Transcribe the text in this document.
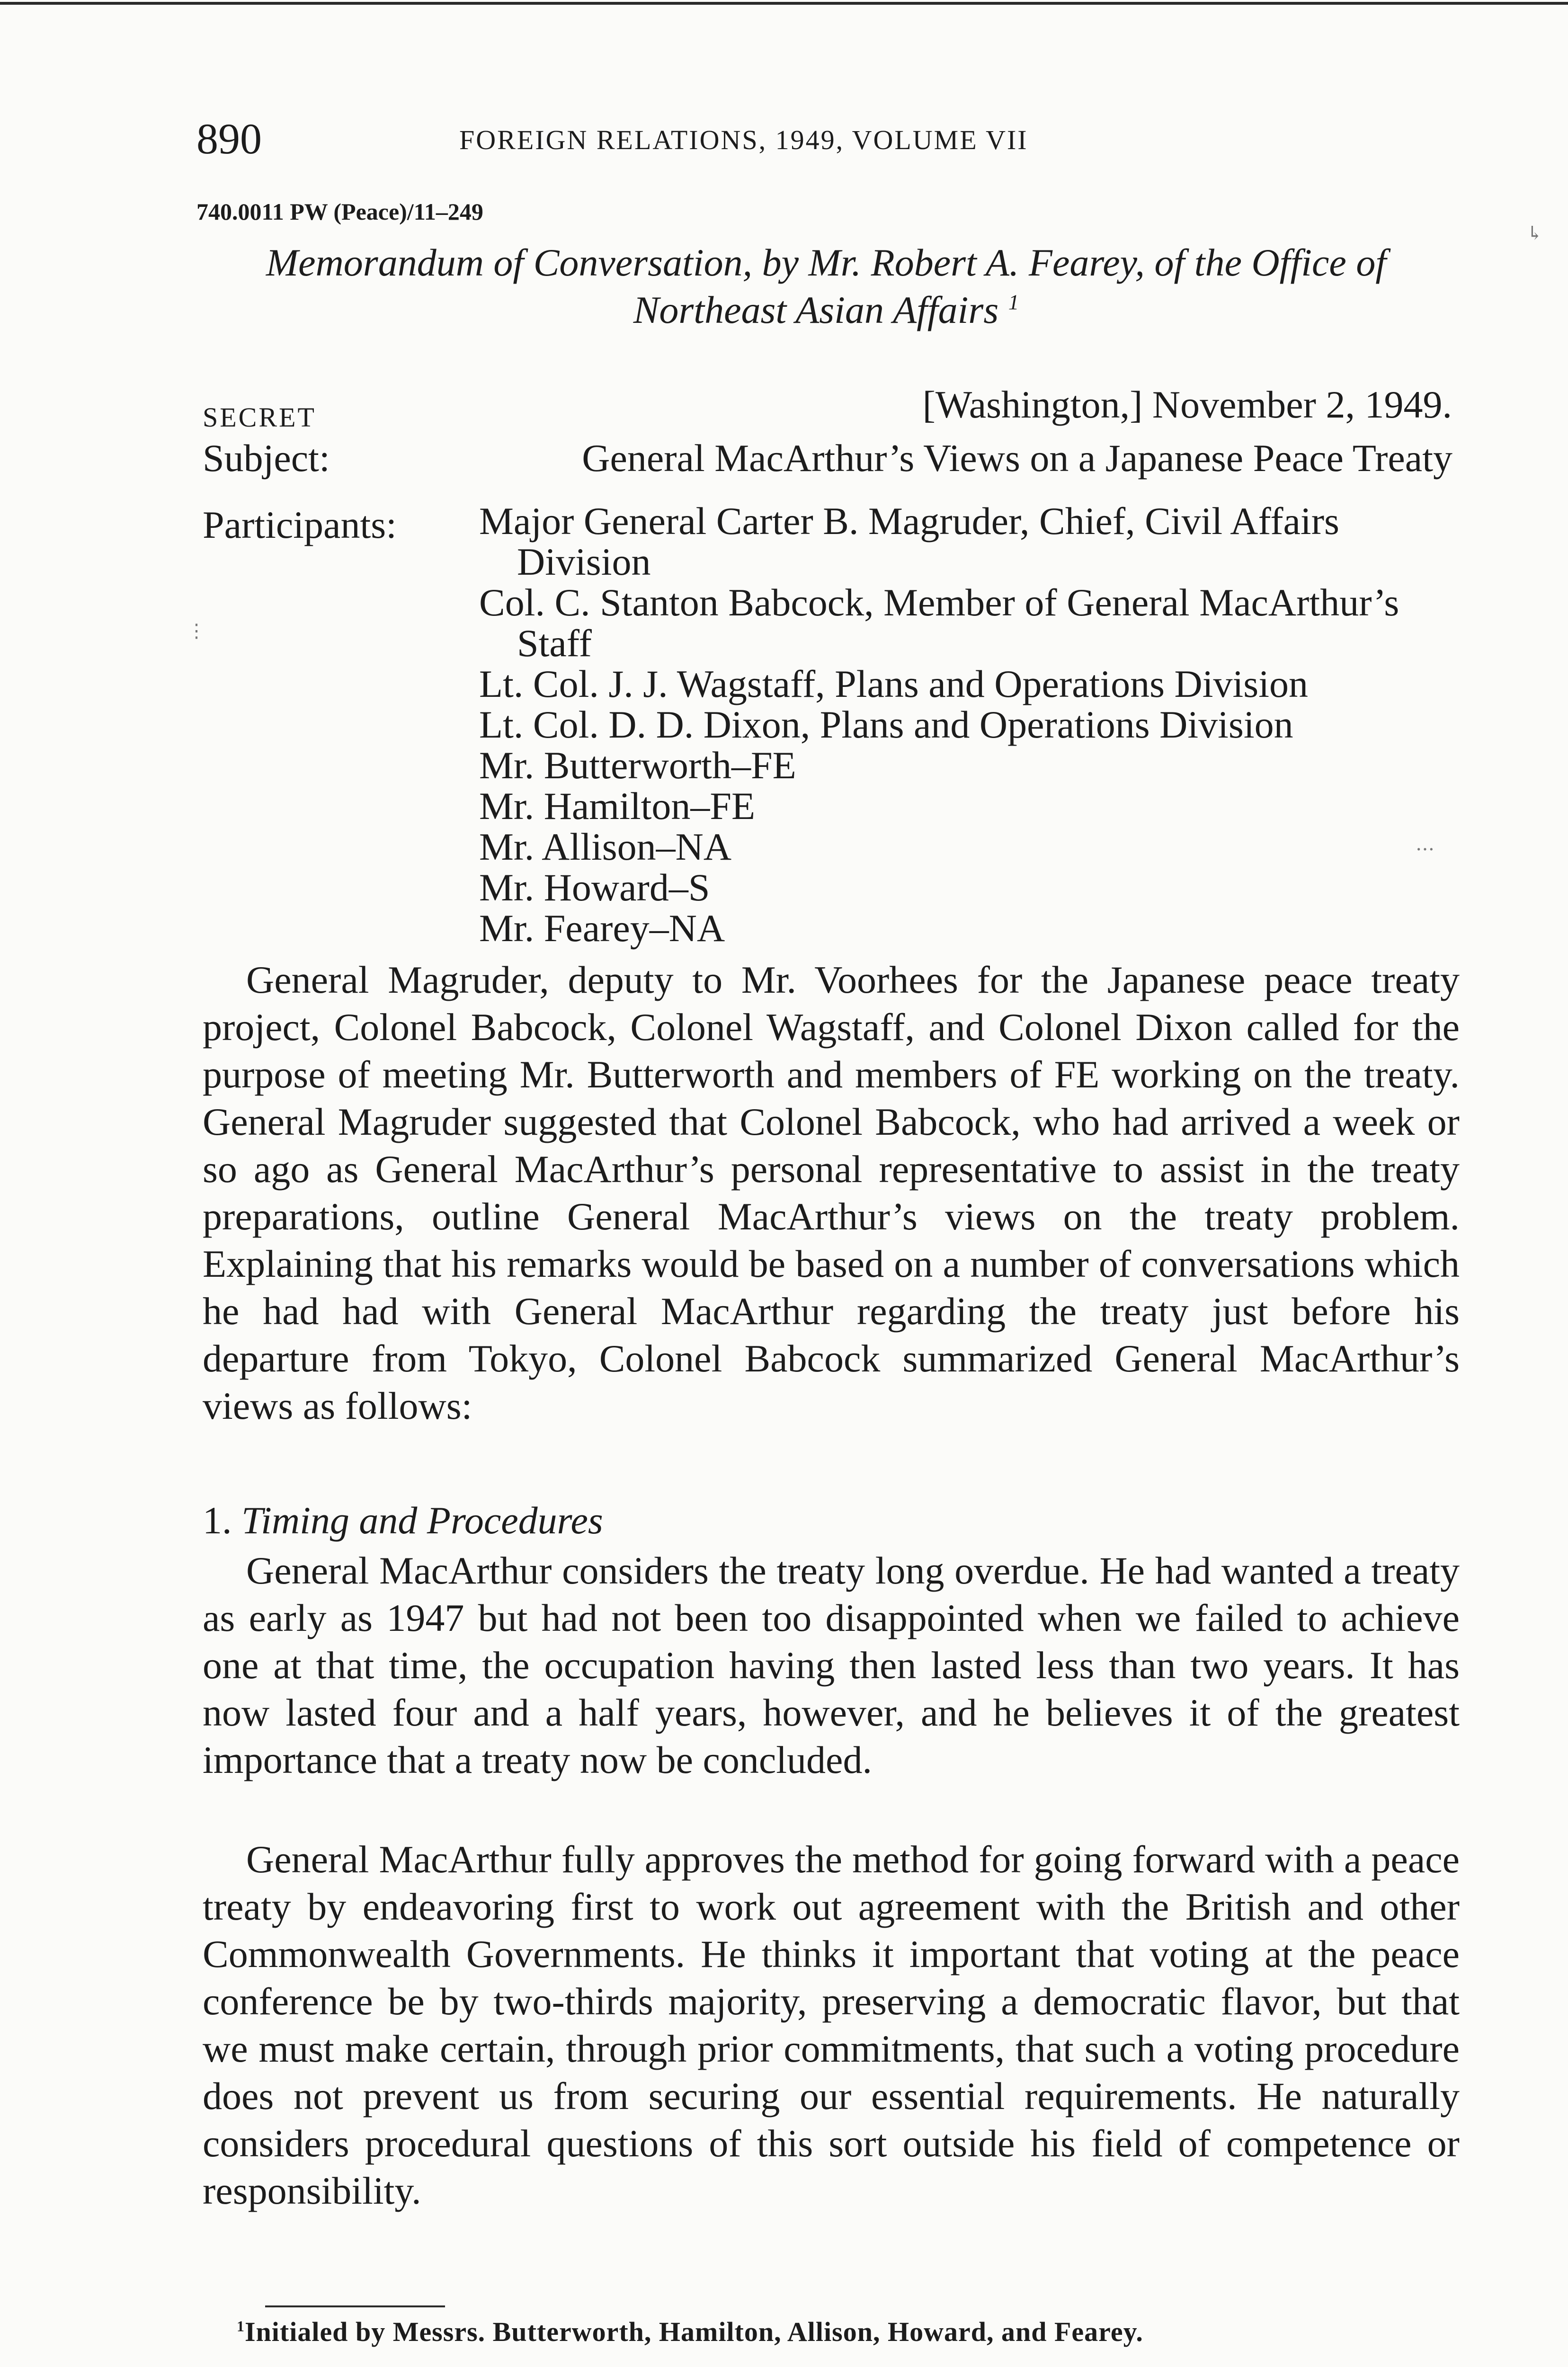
↳
⋮
…
890	FOREIGN RELATIONS, 1949, VOLUME VII
740.0011 PW (Peace)/11–249
Memorandum of Conversation, by Mr. Robert A. Fearey, of the Office of Northeast Asian Affairs $^1$
SECRET	[Washington,] November 2, 1949.
Subject:	General MacArthur’s Views on a Japanese Peace Treaty
Participants: Major General Carter B. Magruder, Chief, Civil Affairs Division
Col. C. Stanton Babcock, Member of General MacArthur’s Staff
Lt. Col. J. J. Wagstaff, Plans and Operations Division
Lt. Col. D. D. Dixon, Plans and Operations Division
Mr. Butterworth–FE
Mr. Hamilton–FE
Mr. Allison–NA
Mr. Howard–S
Mr. Fearey–NA

General Magruder, deputy to Mr. Voorhees for the Japanese peace treaty project, Colonel Babcock, Colonel Wagstaff, and Colonel Dixon called for the purpose of meeting Mr. Butterworth and members of FE working on the treaty. General Magruder suggested that Colonel Babcock, who had arrived a week or so ago as General MacArthur’s personal representative to assist in the treaty preparations, outline General MacArthur’s views on the treaty problem. Explaining that his remarks would be based on a number of conversations which he had had with General MacArthur regarding the treaty just before his departure from Tokyo, Colonel Babcock summarized General MacArthur’s views as follows:

1. Timing and Procedures

General MacArthur considers the treaty long overdue. He had wanted a treaty as early as 1947 but had not been too disappointed when we failed to achieve one at that time, the occupation having then lasted less than two years. It has now lasted four and a half years, however, and he believes it of the greatest importance that a treaty now be concluded.

General MacArthur fully approves the method for going forward with a peace treaty by endeavoring first to work out agreement with the British and other Commonwealth Governments. He thinks it important that voting at the peace conference be by two-thirds majority, preserving a democratic flavor, but that we must make certain, through prior commitments, that such a voting procedure does not prevent us from securing our essential requirements. He naturally considers procedural questions of this sort outside his field of competence or responsibility.

$^1$Initialed by Messrs. Butterworth, Hamilton, Allison, Howard, and Fearey.
